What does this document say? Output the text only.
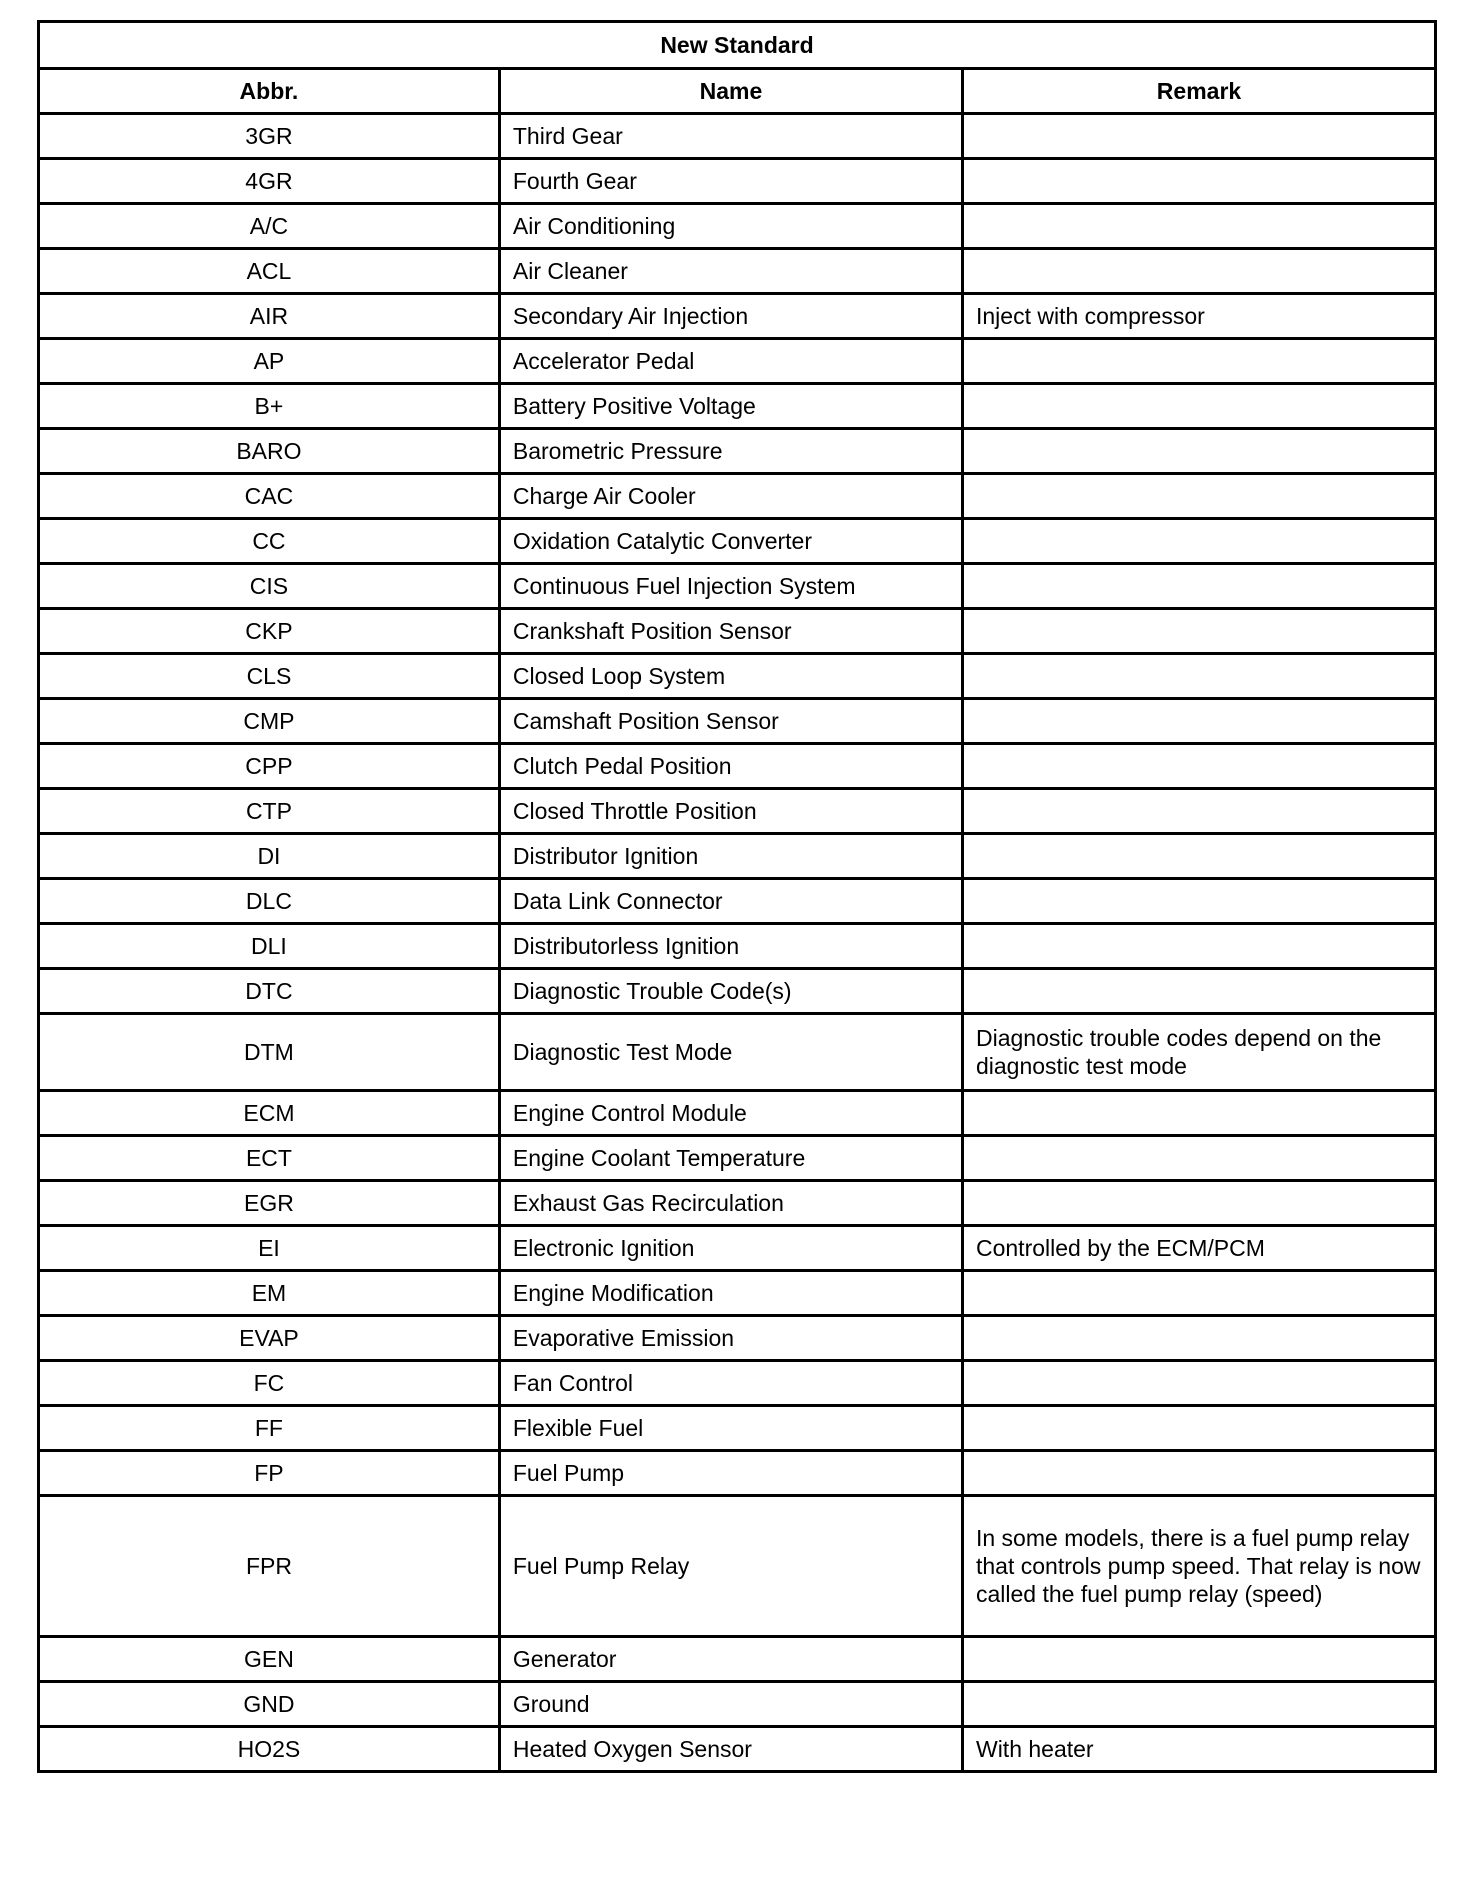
New Standard		
Abbr.	Name	Remark
3GR	Third Gear	
4GR	Fourth Gear	
A/C	Air Conditioning	
ACL	Air Cleaner	
AIR	Secondary Air Injection	Inject with compressor
AP	Accelerator Pedal	
B+	Battery Positive Voltage	
BARO	Barometric Pressure	
CAC	Charge Air Cooler	
CC	Oxidation Catalytic Converter	
CIS	Continuous Fuel Injection System	
CKP	Crankshaft Position Sensor	
CLS	Closed Loop System	
CMP	Camshaft Position Sensor	
CPP	Clutch Pedal Position	
CTP	Closed Throttle Position	
DI	Distributor Ignition	
DLC	Data Link Connector	
DLI	Distributorless Ignition	
DTC	Diagnostic Trouble Code(s)	
DTM	Diagnostic Test Mode	Diagnostic trouble codes depend on the diagnostic test mode
ECM	Engine Control Module	
ECT	Engine Coolant Temperature	
EGR	Exhaust Gas Recirculation	
EI	Electronic Ignition	Controlled by the ECM/PCM
EM	Engine Modification	
EVAP	Evaporative Emission	
FC	Fan Control	
FF	Flexible Fuel	
FP	Fuel Pump	
FPR	Fuel Pump Relay	In some models, there is a fuel pump relay that controls pump speed. That relay is now called the fuel pump relay (speed)
GEN	Generator	
GND	Ground	
HO2S	Heated Oxygen Sensor	With heater
